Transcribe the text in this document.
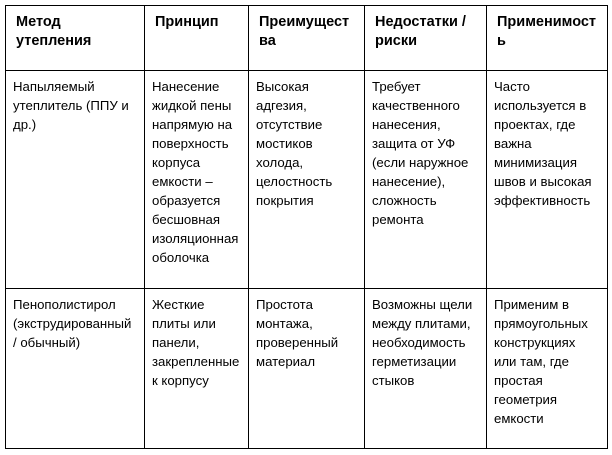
Метод утепления	Принцип	Преимущества	Недостатки / риски	Применимость
Напыляемый утеплитель (ППУ и др.)	Нанесение жидкой пены напрямую на поверхность корпуса емкости – образуется бесшовная изоляционная оболочка	Высокая адгезия, отсутствие мостиков холода, целостность покрытия	Требует качественного нанесения, защита от УФ (если наружное нанесение), сложность ремонта	Часто используется в проектах, где важна минимизация швов и высокая эффективность
Пенополистирол (экструдированный / обычный)	Жесткие плиты или панели, закрепленные к корпусу	Простота монтажа, проверенный материал	Возможны щели между плитами, необходимость герметизации стыков	Применим в прямоугольных конструкциях или там, где простая геометрия емкости
